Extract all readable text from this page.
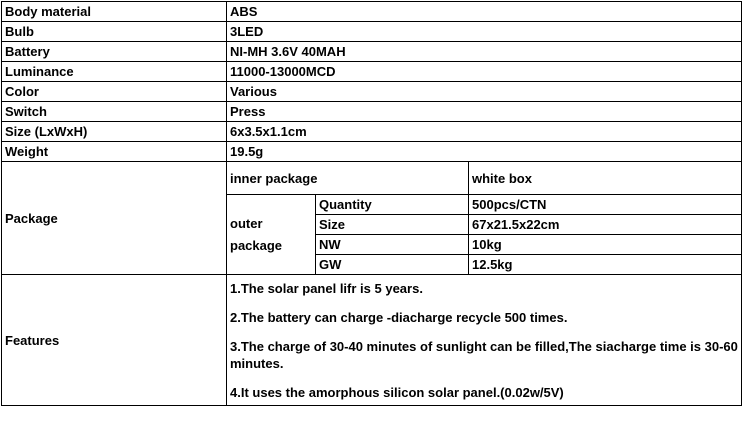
Body material	ABS		
Bulb	3LED		
Battery	NI-MH 3.6V 40MAH		
Luminance	11000-13000MCD		
Color	Various		
Switch	Press		
Size (LxWxH)	6x3.5x1.1cm		
Weight	19.5g		
Package	inner package		white box
	outer package	Quantity	500pcs/CTN
		Size	67x21.5x22cm
		NW	10kg
		GW	12.5kg
Features	1.The solar panel lifr is 5 years.

2.The battery can charge -diacharge recycle 500 times.

3.The charge of 30-40 minutes of sunlight can be filled,The siacharge time is 30-60 minutes.

4.It uses the amorphous silicon solar panel.(0.02w/5V)		
